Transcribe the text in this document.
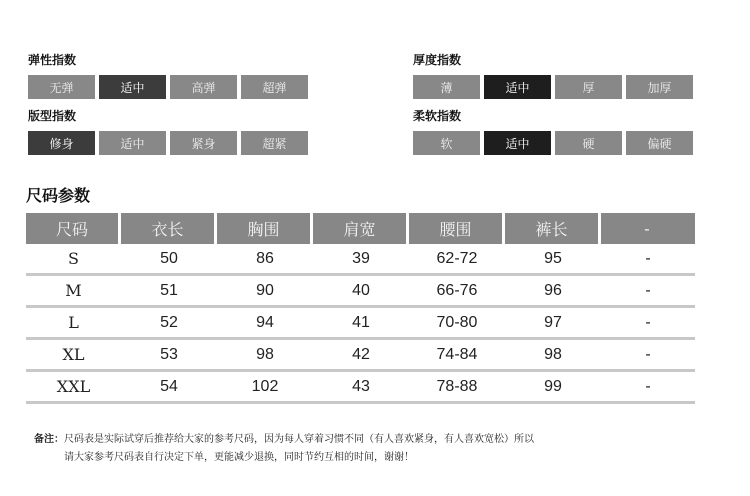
弹性指数
无弹	适中	高弹	超弹
版型指数
修身	适中	紧身	超紧
厚度指数
薄	适中	厚	加厚
柔软指数
软	适中	硬	偏硬
尺码参数
尺码	衣长	胸围	肩宽	腰围	裤长	-
S	50	86	39	62-72	95	-
M	51	90	40	66-76	96	-
L	52	94	41	70-80	97	-
XL	53	98	42	74-84	98	-
XXL	54	102	43	78-88	99	-
备注：尺码表是实际试穿后推荐给大家的参考尺码，因为每人穿着习惯不同（有人喜欢紧身，有人喜欢宽松）所以
请大家参考尺码表自行决定下单，更能减少退换，同时节约互相的时间，谢谢！
